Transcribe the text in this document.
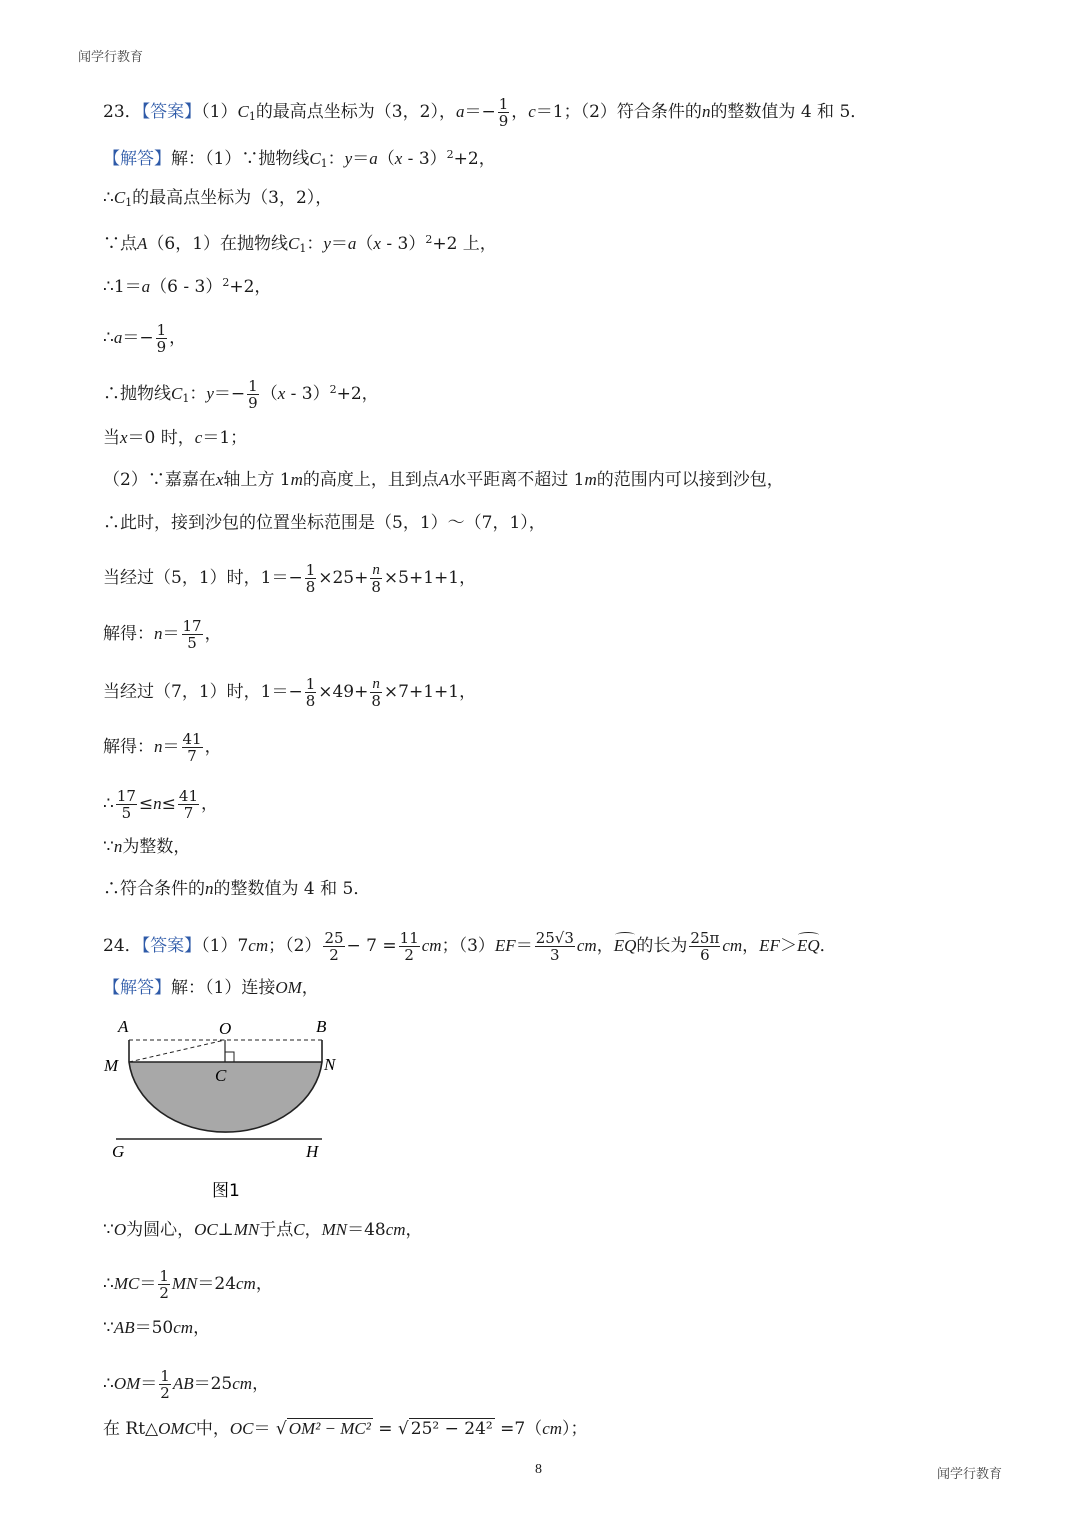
闻学行教育
23．【答案】$(1)C_1$的最高点坐标为（3，2），$a=- \frac{1}{9}$ ，c＝1；（2）符合条件的n的整数值为 4 和 5．
【解答】解：（1）∵抛物线$C_1$：y＝a（x - 3）$^2$+2，
$\therefore C_1$的最高点坐标为（3，2），
∵点A（6，1）在抛物线$C_1$：y＝a（x - 3）$^2$+2 上，
∴1＝a（6 - 3）$^2$+2，
∴a＝− $\frac{1}{9}$ ，
∴抛物线$C_1$：$y=- \frac{1}{9} (x - 3)^2+2$，
当x＝0 时，c＝1；
（2）∵嘉嘉在x轴上方 1m的高度上，且到点A水平距离不超过 1m的范围内可以接到沙包，
∴此时，接到沙包的位置坐标范围是（5，1）～（7，1），
当经过（5，1）时，$1=- \frac{1}{8} \times 25+ \frac{n}{8} \times 5+1+1$，
解得：$n= \frac{17}{5}$ ，
当经过（7，1）时，$1=- \frac{1}{8} \times 49+ \frac{n}{8} \times 7+1+1$，
解得：$n= \frac{41}{7}$ ，
∴ $\frac{17}{5} \le n\le \frac{41}{7}$ ，
∵n为整数，
∴符合条件的n的整数值为 4 和 5．
24．【答案】（1）7cm；$(2) \frac{25}{2} - 7 = \frac{11}{2}$ cm；$(3)EF= \frac{25√3}{3}$ cm，EQ的长为 $\frac{25\pi}{6}$ cm，EF＞EQ．
【解答】解：（1）连接OM，
A	O	B
M	N
C
G	H
图1
∵O为圆心，OC⊥MN于点C，MN＝48cm，
∴MC＝ $\frac{1}{2} MN=24cm$，
∵AB＝50cm，
∴OM＝ $\frac{1}{2} AB=25cm$，
在 Rt△OMC中，OC＝ √ OM² − MC² = √ 25² − 24² =7（cm）；
8	闻学行教育
